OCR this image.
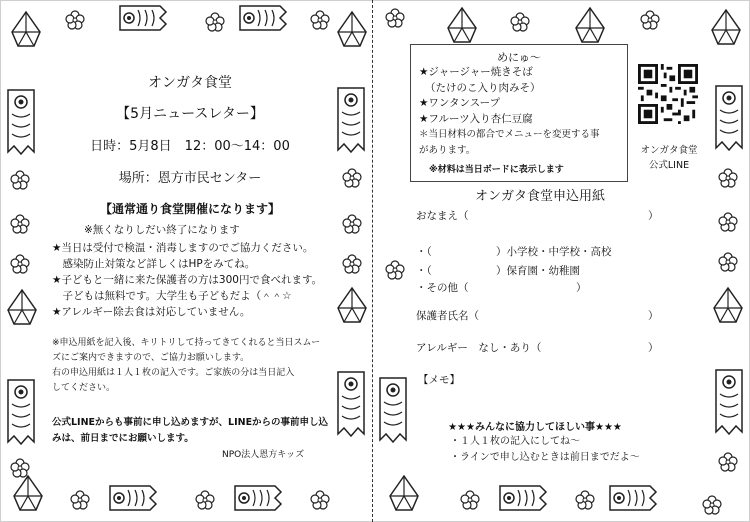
オンガタ食堂
【5月ニュースレター】
日時：5月8日　12：00～14：00
場所：恩方市民センター
【通常通り食堂開催になります】
※無くなりしだい終了になります
★当日は受付で検温・消毒しますのでご協力ください。
　感染防止対策など詳しくはHPをみてね。
★子どもと一緒に来た保護者の方は300円で食べれます。
　子どもは無料です。大学生も子どもだよ（＾＾☆
★アレルギー除去食は対応していません。
※申込用紙を記入後、キリトリして持ってきてくれると当日スムー
ズにご案内できますので、ご協力お願いします。
右の申込用紙は１人１枚の記入です。ご家族の分は当日記入
してください。
公式LINEからも事前に申し込めますが、LINEからの事前申し込
みは、前日までにお願いします。
NPO法人恩方キッズ
めにゅ～
★ジャージャー焼きそば
（たけのこ入り肉みそ）
★ワンタンスープ
★フルーツ入り杏仁豆腐
＊当日材料の都合でメニューを変更する事
があります。
※材料は当日ボードに表示します
オンガタ食堂
公式LINE
オンガタ食堂申込用紙
おなまえ（	）
・（	）小学校・中学校・高校
・（	）保育園・幼稚園
・その他（	）
保護者氏名（	）
アレルギー　なし・あり（	）
【メモ】
★★★みんなに協力してほしい事★★★
・１人１枚の記入にしてね～
・ラインで申し込むときは前日までだよ～
